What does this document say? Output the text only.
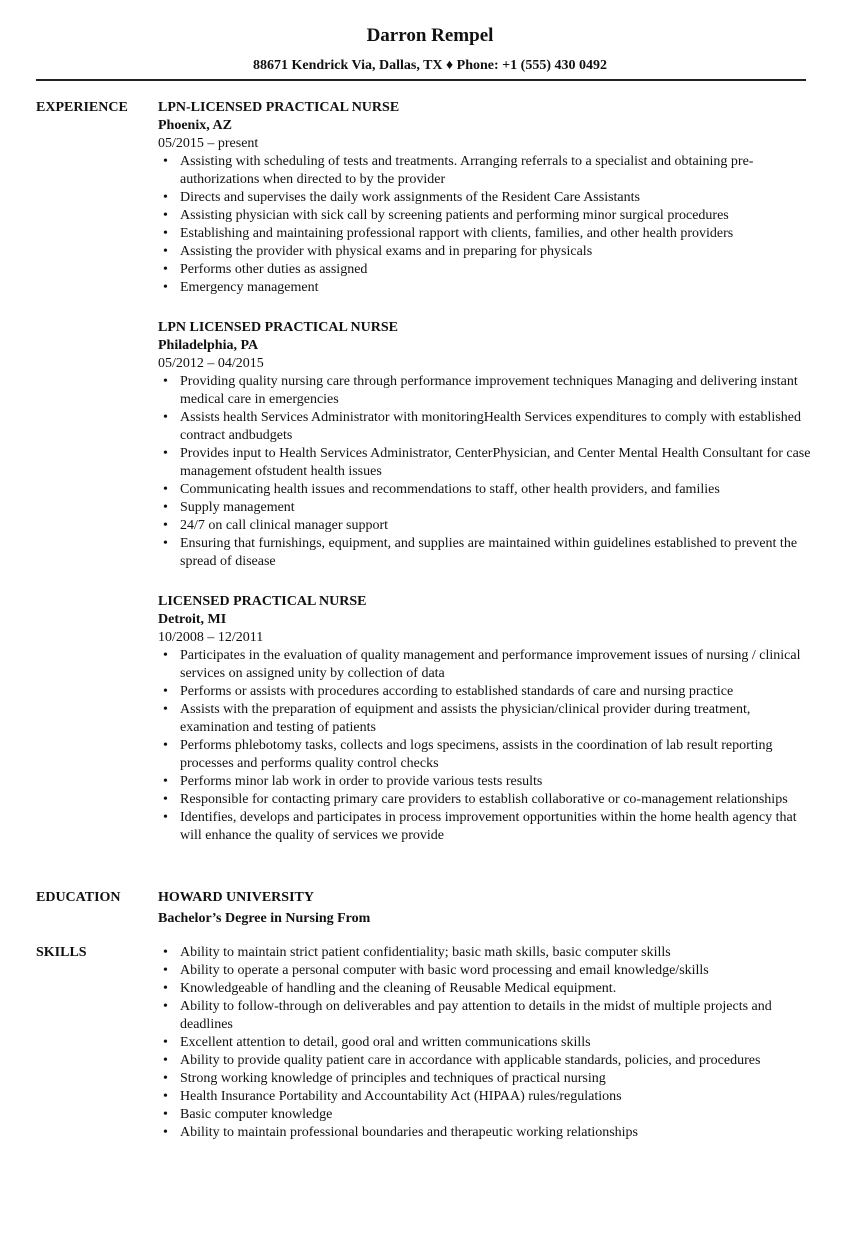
Darron Rempel
88671 Kendrick Via, Dallas, TX ♦ Phone: +1 (555) 430 0492
EXPERIENCE LPN-LICENSED PRACTICAL NURSE
Phoenix, AZ
05/2015 – present
• Assisting with scheduling of tests and treatments. Arranging referrals to a specialist and obtaining pre-authorizations when directed to by the provider
• Directs and supervises the daily work assignments of the Resident Care Assistants
• Assisting physician with sick call by screening patients and performing minor surgical procedures
• Establishing and maintaining professional rapport with clients, families, and other health providers
• Assisting the provider with physical exams and in preparing for physicals
• Performs other duties as assigned
• Emergency management
LPN LICENSED PRACTICAL NURSE
Philadelphia, PA
05/2012 – 04/2015
• Providing quality nursing care through performance improvement techniques Managing and delivering instant medical care in emergencies
• Assists health Services Administrator with monitoringHealth Services expenditures to comply with established contract andbudgets
• Provides input to Health Services Administrator, CenterPhysician, and Center Mental Health Consultant for case management ofstudent health issues
• Communicating health issues and recommendations to staff, other health providers, and families
• Supply management
• 24/7 on call clinical manager support
• Ensuring that furnishings, equipment, and supplies are maintained within guidelines established to prevent the spread of disease
LICENSED PRACTICAL NURSE
Detroit, MI
10/2008 – 12/2011
• Participates in the evaluation of quality management and performance improvement issues of nursing / clinical services on assigned unity by collection of data
• Performs or assists with procedures according to established standards of care and nursing practice
• Assists with the preparation of equipment and assists the physician/clinical provider during treatment, examination and testing of patients
• Performs phlebotomy tasks, collects and logs specimens, assists in the coordination of lab result reporting processes and performs quality control checks
• Performs minor lab work in order to provide various tests results
• Responsible for contacting primary care providers to establish collaborative or co-management relationships
• Identifies, develops and participates in process improvement opportunities within the home health agency that will enhance the quality of services we provide
EDUCATION	HOWARD UNIVERSITY
Bachelor’s Degree in Nursing From
SKILLS	• Ability to maintain strict patient confidentiality; basic math skills, basic computer skills
• Ability to operate a personal computer with basic word processing and email knowledge/skills
• Knowledgeable of handling and the cleaning of Reusable Medical equipment.
• Ability to follow-through on deliverables and pay attention to details in the midst of multiple projects and deadlines
• Excellent attention to detail, good oral and written communications skills
• Ability to provide quality patient care in accordance with applicable standards, policies, and procedures
• Strong working knowledge of principles and techniques of practical nursing
• Health Insurance Portability and Accountability Act (HIPAA) rules/regulations
• Basic computer knowledge
• Ability to maintain professional boundaries and therapeutic working relationships
